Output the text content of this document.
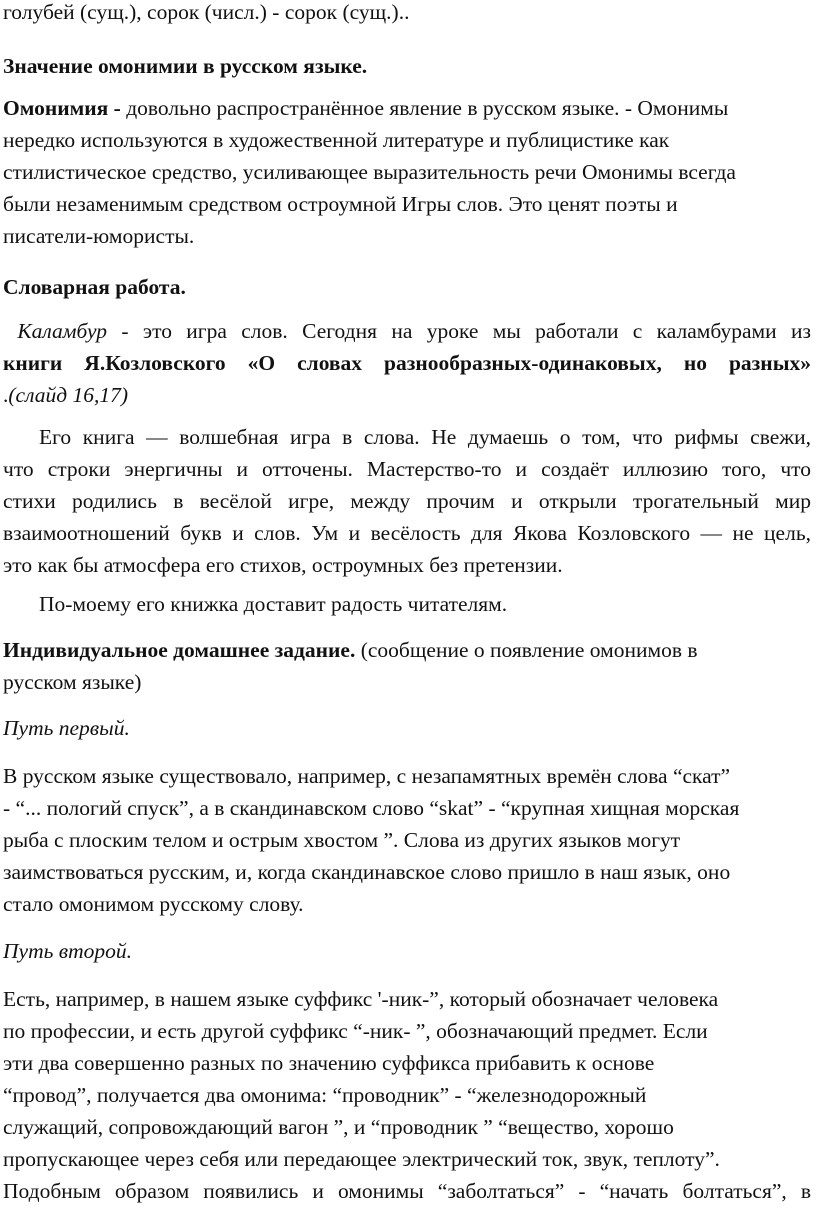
голубей (сущ.), сорок (числ.) - сорок (сущ.)..

Значение омонимии в русском языке.

Омонимия - довольно распространённое явление в русском языке. - Омонимы
нередко используются в художественной литературе и публицистике как
стилистическое средство, усиливающее выразительность речи Омонимы всегда
были незаменимым средством остроумной Игры слов. Это ценят поэты и
писатели-юмористы.

Словарная работа.

Каламбур - это игра слов. Сегодня на уроке мы работали с каламбурами из
книги Я.Козловского «О словах разнообразных-одинаковых, но разных»
.(слайд 16,17)

Его книга — волшебная игра в слова. Не думаешь о том, что рифмы свежи,
что строки энергичны и отточены. Мастерство-то и создаёт иллюзию того, что
стихи родились в весёлой игре, между прочим и открыли трогательный мир
взаимоотношений букв и слов. Ум и весёлость для Якова Козловского — не цель,
это как бы атмосфера его стихов, остроумных без претензии.

По-моему его книжка доставит радость читателям.

Индивидуальное домашнее задание. (сообщение о появление омонимов в
русском языке)

Путь первый.

В русском языке существовало, например, с незапамятных времён слова “скат”
- “... пологий спуск”, а в скандинавском слово “skat” - “крупная хищная морская
рыба с плоским телом и острым хвостом ”. Слова из других языков могут
заимствоваться русским, и, когда скандинавское слово пришло в наш язык, оно
стало омонимом русскому слову.

Путь второй.

Есть, например, в нашем языке суффикс '-ник-”, который обозначает человека
по профессии, и есть другой суффикс “-ник- ”, обозначающий предмет. Если
эти два совершенно разных по значению суффикса прибавить к основе
“провод”, получается два омонима: “проводник” - “железнодорожный
служащий, сопровождающий вагон ”, и “проводник ” “вещество, хорошо
пропускающее через себя или передающее электрический ток, звук, теплоту”.
Подобным образом появились и омонимы “заболтаться” - “начать болтаться”, в
